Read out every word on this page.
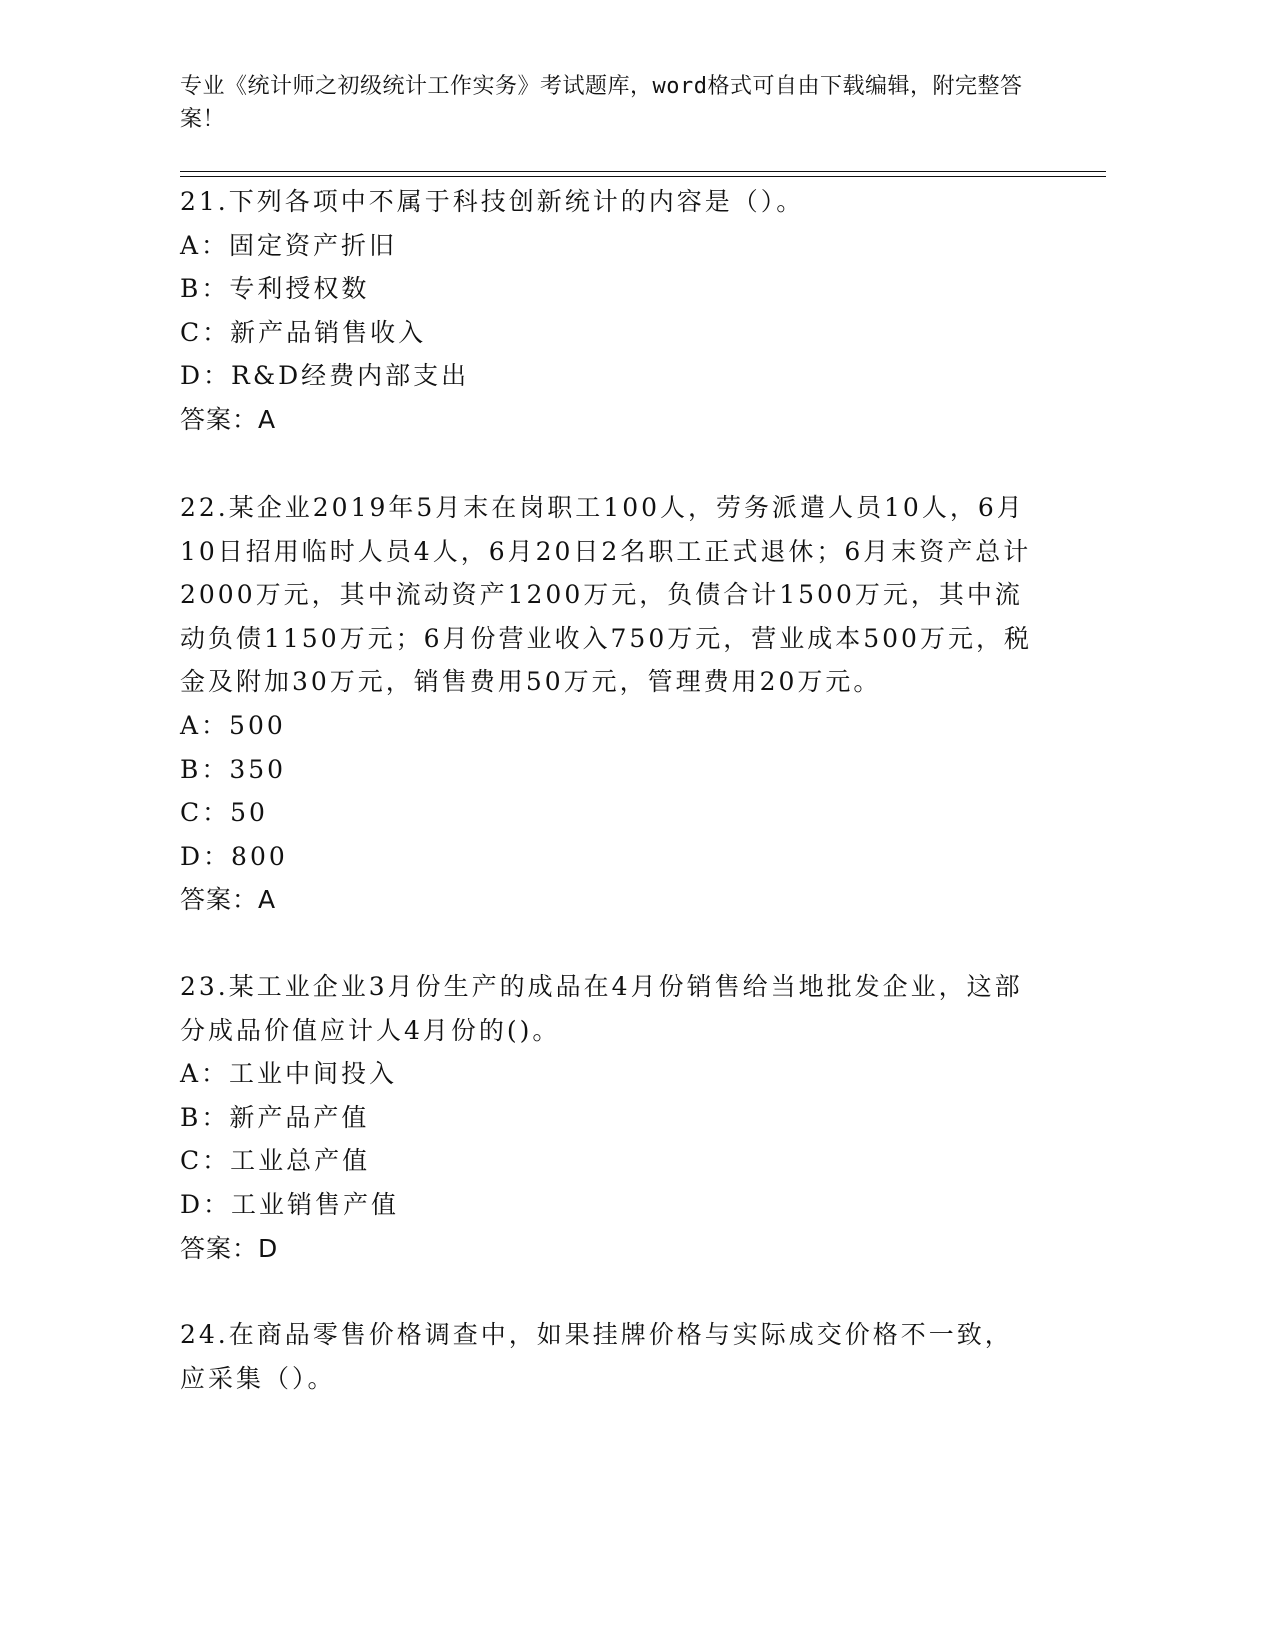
专业《统计师之初级统计工作实务》考试题库，word格式可自由下载编辑，附完整答案！
21.下列各项中不属于科技创新统计的内容是（）。
A：固定资产折旧
B：专利授权数
C：新产品销售收入
D：R&D经费内部支出
答案：A
22.某企业2019年5月末在岗职工100人，劳务派遣人员10人，6月10日招用临时人员4人，6月20日2名职工正式退休；6月末资产总计2000万元，其中流动资产1200万元，负债合计1500万元，其中流动负债1150万元；6月份营业收入750万元，营业成本500万元，税金及附加30万元，销售费用50万元，管理费用20万元。
A：500
B：350
C：50
D：800
答案：A
23.某工业企业3月份生产的成品在4月份销售给当地批发企业，这部分成品价值应计人4月份的()。
A：工业中间投入
B：新产品产值
C：工业总产值
D：工业销售产值
答案：D
24.在商品零售价格调查中，如果挂牌价格与实际成交价格不一致，应采集（）。
